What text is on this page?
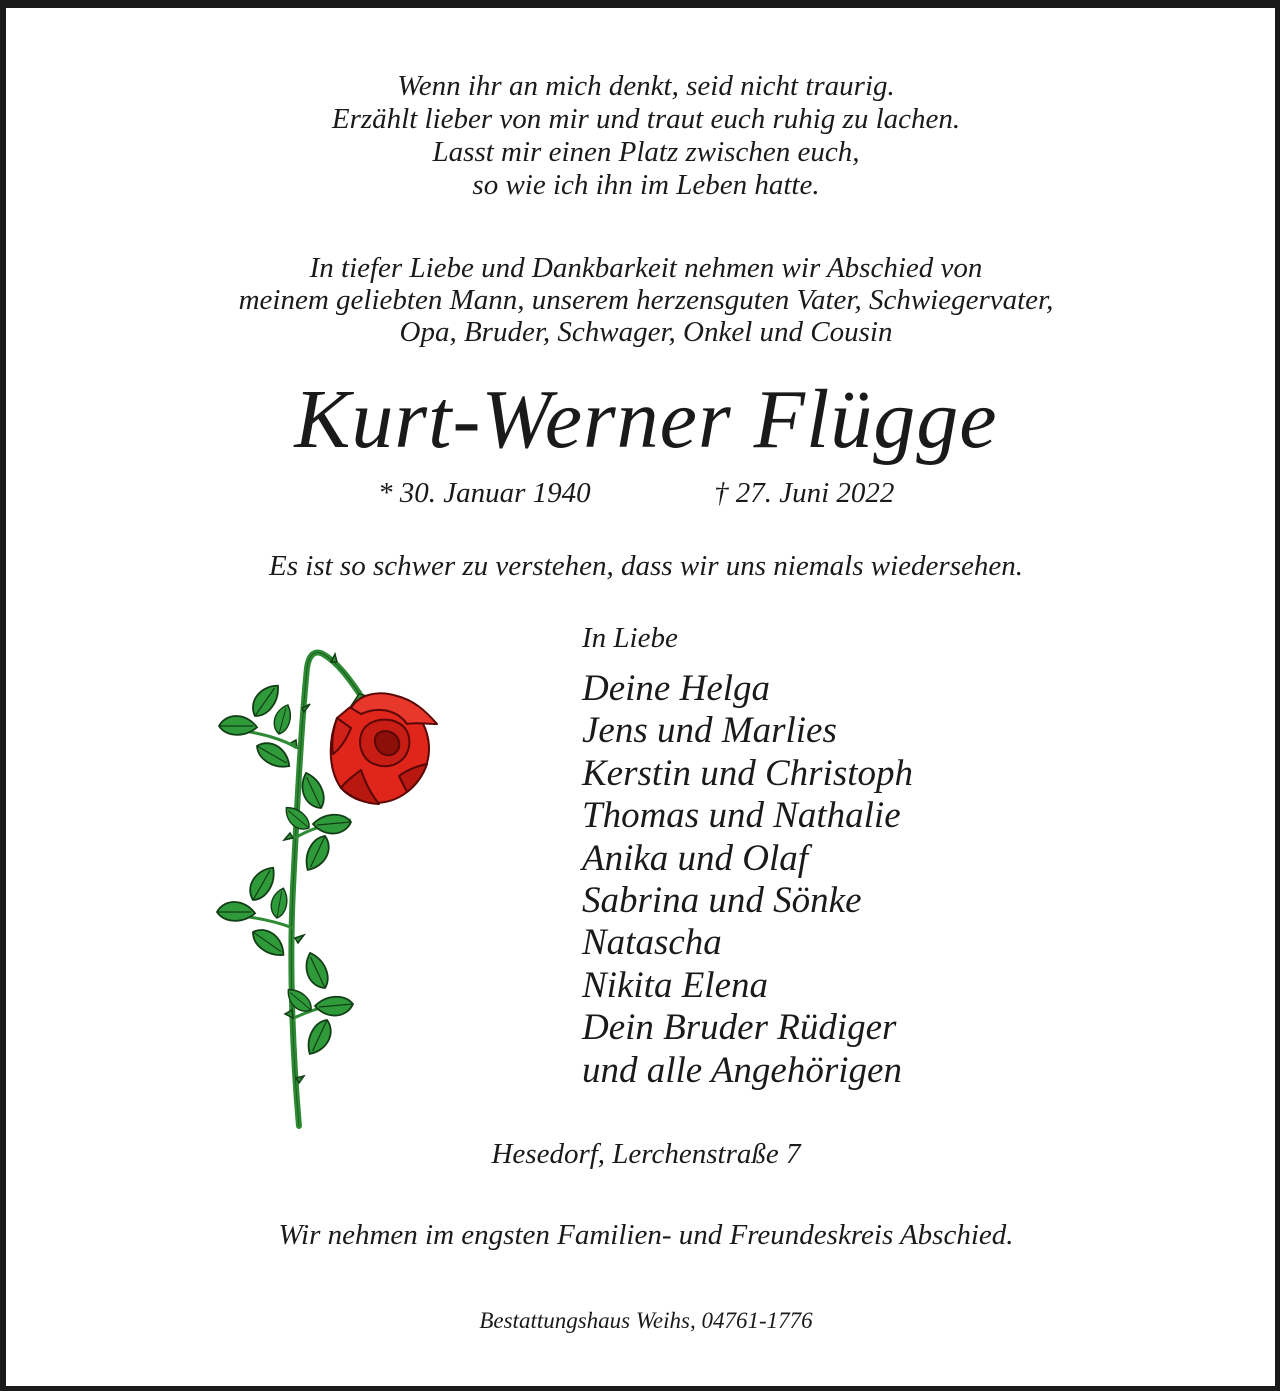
Wenn ihr an mich denkt, seid nicht traurig.
Erzählt lieber von mir und traut euch ruhig zu lachen.
Lasst mir einen Platz zwischen euch,
so wie ich ihn im Leben hatte.
In tiefer Liebe und Dankbarkeit nehmen wir Abschied von
meinem geliebten Mann, unserem herzensguten Vater, Schwiegervater,
Opa, Bruder, Schwager, Onkel und Cousin
Kurt-Werner Flügge
* 30. Januar 1940	† 27. Juni 2022
Es ist so schwer zu verstehen, dass wir uns niemals wiedersehen.
In Liebe
Deine Helga
Jens und Marlies
Kerstin und Christoph
Thomas und Nathalie
Anika und Olaf
Sabrina und Sönke
Natascha
Nikita Elena
Dein Bruder Rüdiger
und alle Angehörigen
Hesedorf, Lerchenstraße 7
Wir nehmen im engsten Familien- und Freundeskreis Abschied.
Bestattungshaus Weihs, 04761-1776
